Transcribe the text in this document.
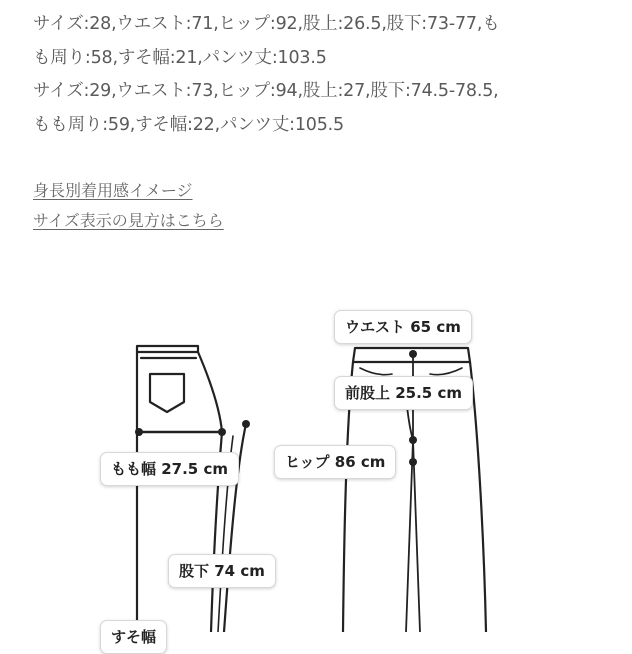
サイズ:28,ウエスト:71,ヒップ:92,股上:26.5,股下:73-77,も
も周り:58,すそ幅:21,パンツ丈:103.5
サイズ:29,ウエスト:73,ヒップ:94,股上:27,股下:74.5-78.5,
もも周り:59,すそ幅:22,パンツ丈:105.5
身長別着用感イメージ
サイズ表示の見方はこちら
ウエスト 65 cm
前股上 25.5 cm
ヒップ 86 cm
もも幅 27.5 cm
股下 74 cm
すそ幅
